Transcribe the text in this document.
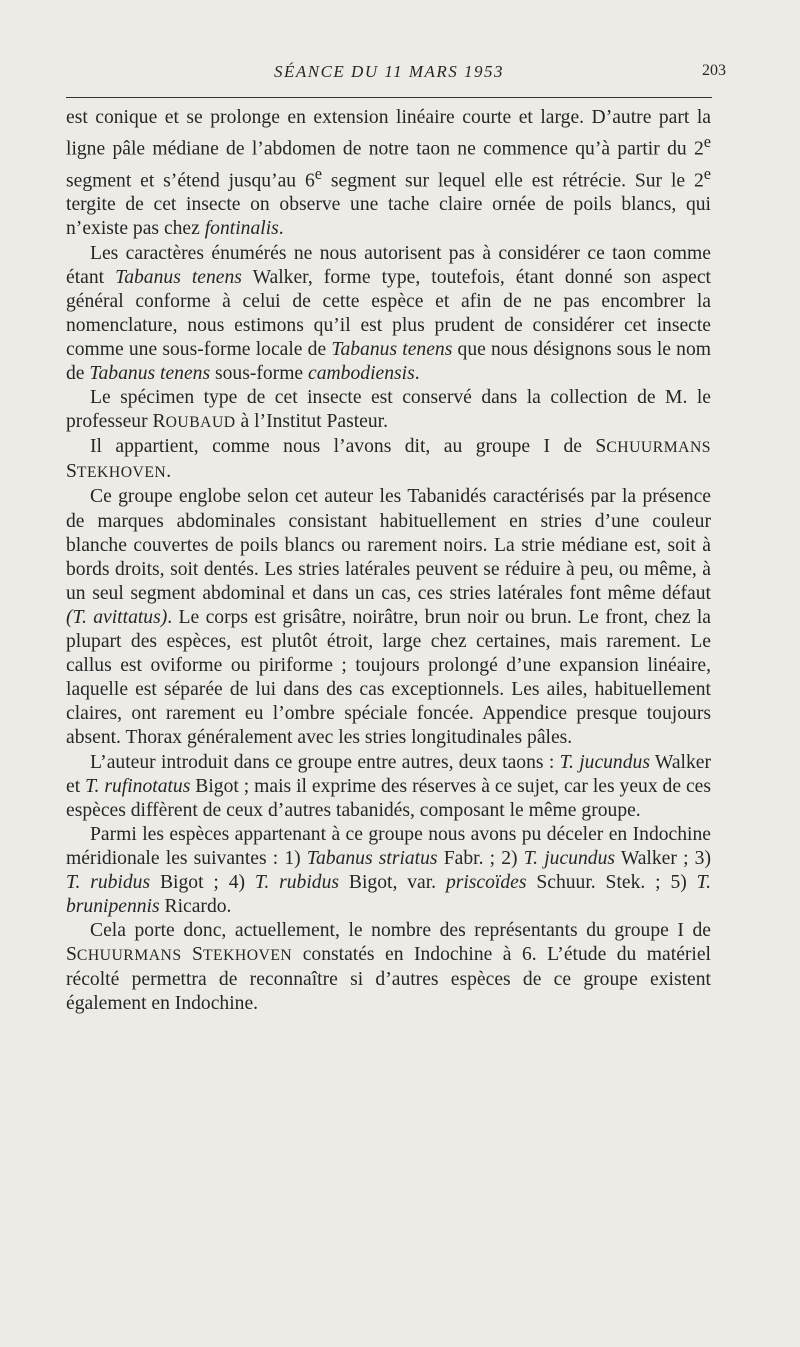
SÉANCE DU 11 MARS 1953	203

est conique et se prolonge en extension linéaire courte et large. D’autre part la ligne pâle médiane de l’abdomen de notre taon ne commence qu’à partir du 2e segment et s’étend jusqu’au 6e segment sur lequel elle est rétrécie. Sur le 2e tergite de cet insecte on observe une tache claire ornée de poils blancs, qui n’existe pas chez fontinalis.

Les caractères énumérés ne nous autorisent pas à considérer ce taon comme étant Tabanus tenens Walker, forme type, toutefois, étant donné son aspect général conforme à celui de cette espèce et afin de ne pas encombrer la nomenclature, nous estimons qu’il est plus prudent de considérer cet insecte comme une sous-forme locale de Tabanus tenens que nous désignons sous le nom de Tabanus tenens sous-forme cambodiensis.

Le spécimen type de cet insecte est conservé dans la collection de M. le professeur ROUBAUD à l’Institut Pasteur.

Il appartient, comme nous l’avons dit, au groupe I de SCHUURMANS STEKHOVEN.

Ce groupe englobe selon cet auteur les Tabanidés caractérisés par la présence de marques abdominales consistant habituellement en stries d’une couleur blanche couvertes de poils blancs ou rarement noirs. La strie médiane est, soit à bords droits, soit dentés. Les stries latérales peuvent se réduire à peu, ou même, à un seul segment abdominal et dans un cas, ces stries latérales font même défaut (T. avittatus). Le corps est grisâtre, noirâtre, brun noir ou brun. Le front, chez la plupart des espèces, est plutôt étroit, large chez certaines, mais rarement. Le callus est oviforme ou piriforme ; toujours prolongé d’une expansion linéaire, laquelle est séparée de lui dans des cas exceptionnels. Les ailes, habituellement claires, ont rarement eu l’ombre spéciale foncée. Appendice presque toujours absent. Thorax généralement avec les stries longitudinales pâles.

L’auteur introduit dans ce groupe entre autres, deux taons : T. jucundus Walker et T. rufinotatus Bigot ; mais il exprime des réserves à ce sujet, car les yeux de ces espèces diffèrent de ceux d’autres tabanidés, composant le même groupe.

Parmi les espèces appartenant à ce groupe nous avons pu déceler en Indochine méridionale les suivantes : 1) Tabanus striatus Fabr. ; 2) T. jucundus Walker ; 3) T. rubidus Bigot ; 4) T. rubidus Bigot, var. priscoïdes Schuur. Stek. ; 5) T. brunipennis Ricardo.

Cela porte donc, actuellement, le nombre des représentants du groupe I de SCHUURMANS STEKHOVEN constatés en Indochine à 6. L’étude du matériel récolté permettra de reconnaître si d’autres espèces de ce groupe existent également en Indochine.
